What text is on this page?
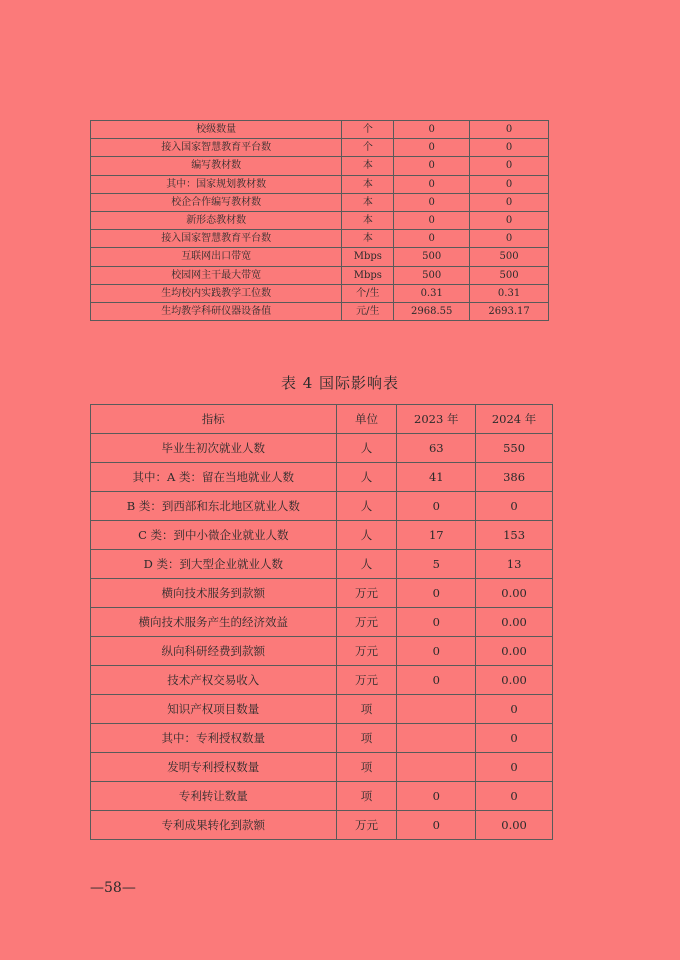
校级数量	个	0	0
接入国家智慧教育平台数	个	0	0
编写教材数	本	0	0
其中：国家规划教材数	本	0	0
校企合作编写教材数	本	0	0
新形态教材数	本	0	0
接入国家智慧教育平台数	本	0	0
互联网出口带宽	Mbps	500	500
校园网主干最大带宽	Mbps	500	500
生均校内实践教学工位数	个/生	0.31	0.31
生均教学科研仪器设备值	元/生	2968.55	2693.17
表 4 国际影响表
指标	单位	2023 年	2024 年
毕业生初次就业人数	人	63	550
其中：A 类：留在当地就业人数	人	41	386
B 类：到西部和东北地区就业人数	人	0	0
C 类：到中小微企业就业人数	人	17	153
D 类：到大型企业就业人数	人	5	13
横向技术服务到款额	万元	0	0.00
横向技术服务产生的经济效益	万元	0	0.00
纵向科研经费到款额	万元	0	0.00
技术产权交易收入	万元	0	0.00
知识产权项目数量	项		0
其中：专利授权数量	项		0
发明专利授权数量	项		0
专利转让数量	项	0	0
专利成果转化到款额	万元	0	0.00
—58—
